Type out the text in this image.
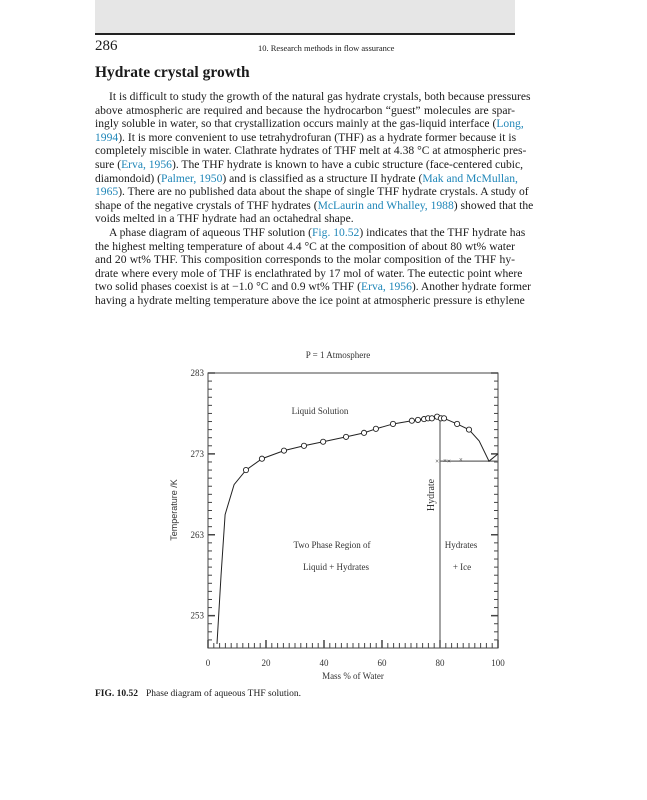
286	10. Research methods in flow assurance
Hydrate crystal growth
It is difficult to study the growth of the natural gas hydrate crystals, both because pressures
above atmospheric are required and because the hydrocarbon “guest” molecules are spar-
ingly soluble in water, so that crystallization occurs mainly at the gas-liquid interface (Long,
1994). It is more convenient to use tetrahydrofuran (THF) as a hydrate former because it is
completely miscible in water. Clathrate hydrates of THF melt at 4.38 °C at atmospheric pres-
sure (Erva, 1956). The THF hydrate is known to have a cubic structure (face-centered cubic,
diamondoid) (Palmer, 1950) and is classified as a structure II hydrate (Mak and McMullan,
1965). There are no published data about the shape of single THF hydrate crystals. A study of
shape of the negative crystals of THF hydrates (McLaurin and Whalley, 1988) showed that the
voids melted in a THF hydrate had an octahedral shape.
A phase diagram of aqueous THF solution (Fig. 10.52) indicates that the THF hydrate has
the highest melting temperature of about 4.4 °C at the composition of about 80 wt% water
and 20 wt% THF. This composition corresponds to the molar composition of the THF hy-
drate where every mole of THF is enclathrated by 17 mol of water. The eutectic point where
two solid phases coexist is at −1.0 °C and 0.9 wt% THF (Erva, 1956). Another hydrate former
having a hydrate melting temperature above the ice point at atmospheric pressure is ethylene
253
263
273
283
0	20	40	60	80	100
Mass % of Water
Temperature /K
P = 1 Atmosphere
× × × ×
Liquid Solution
Two Phase Region of
Liquid + Hydrates
Hydrates
+ Ice
Hydrate
FIG. 10.52 Phase diagram of aqueous THF solution.
